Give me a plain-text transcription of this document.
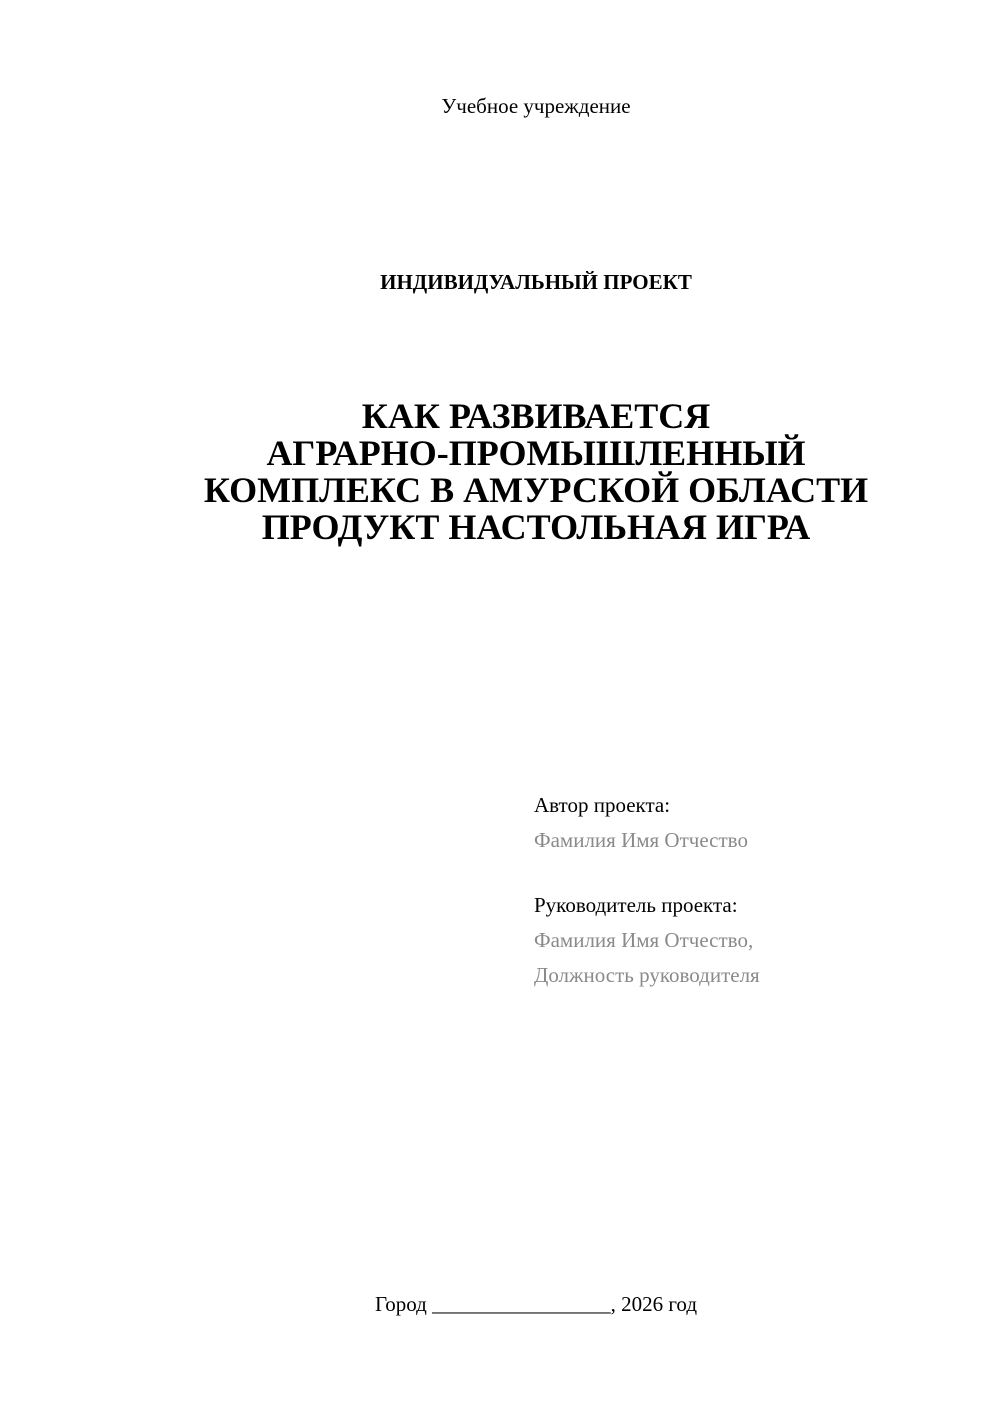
Учебное учреждение
ИНДИВИДУАЛЬНЫЙ ПРОЕКТ
КАК РАЗВИВАЕТСЯ
АГРАРНО-ПРОМЫШЛЕННЫЙ
КОМПЛЕКС В АМУРСКОЙ ОБЛАСТИ
ПРОДУКТ НАСТОЛЬНАЯ ИГРА
Автор проекта:
Фамилия Имя Отчество
Руководитель проекта:
Фамилия Имя Отчество,
Должность руководителя
Город _________________, 2026 год
